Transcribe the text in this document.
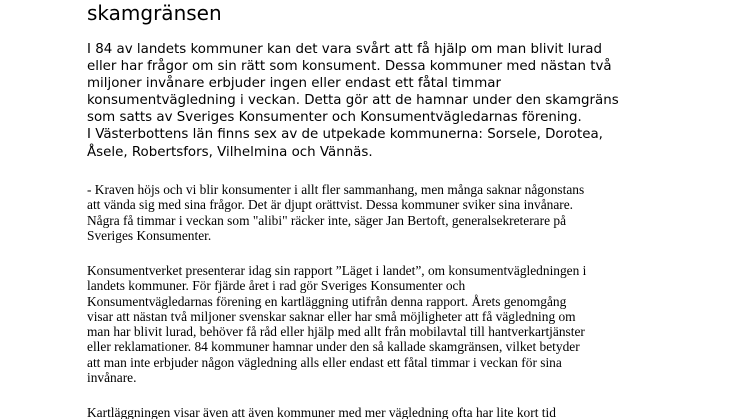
skamgränsen
I 84 av landets kommuner kan det vara svårt att få hjälp om man blivit lurad
eller har frågor om sin rätt som konsument. Dessa kommuner med nästan två
miljoner invånare erbjuder ingen eller endast ett fåtal timmar
konsumentvägledning i veckan. Detta gör att de hamnar under den skamgräns
som satts av Sveriges Konsumenter och Konsumentvägledarnas förening.
I Västerbottens län finns sex av de utpekade kommunerna: Sorsele, Dorotea,
Åsele, Robertsfors, Vilhelmina och Vännäs.
- Kraven höjs och vi blir konsumenter i allt fler sammanhang, men många saknar någonstans
att vända sig med sina frågor. Det är djupt orättvist. Dessa kommuner sviker sina invånare.
Några få timmar i veckan som "alibi" räcker inte, säger Jan Bertoft, generalsekreterare på
Sveriges Konsumenter.
Konsumentverket presenterar idag sin rapport ”Läget i landet”, om konsumentvägledningen i
landets kommuner. För fjärde året i rad gör Sveriges Konsumenter och
Konsumentvägledarnas förening en kartläggning utifrån denna rapport. Årets genomgång
visar att nästan två miljoner svenskar saknar eller har små möjligheter att få vägledning om
man har blivit lurad, behöver få råd eller hjälp med allt från mobilavtal till hantverkartjänster
eller reklamationer. 84 kommuner hamnar under den så kallade skamgränsen, vilket betyder
att man inte erbjuder någon vägledning alls eller endast ett fåtal timmar i veckan för sina
invånare.
Kartläggningen visar även att även kommuner med mer vägledning ofta har lite kort tid
